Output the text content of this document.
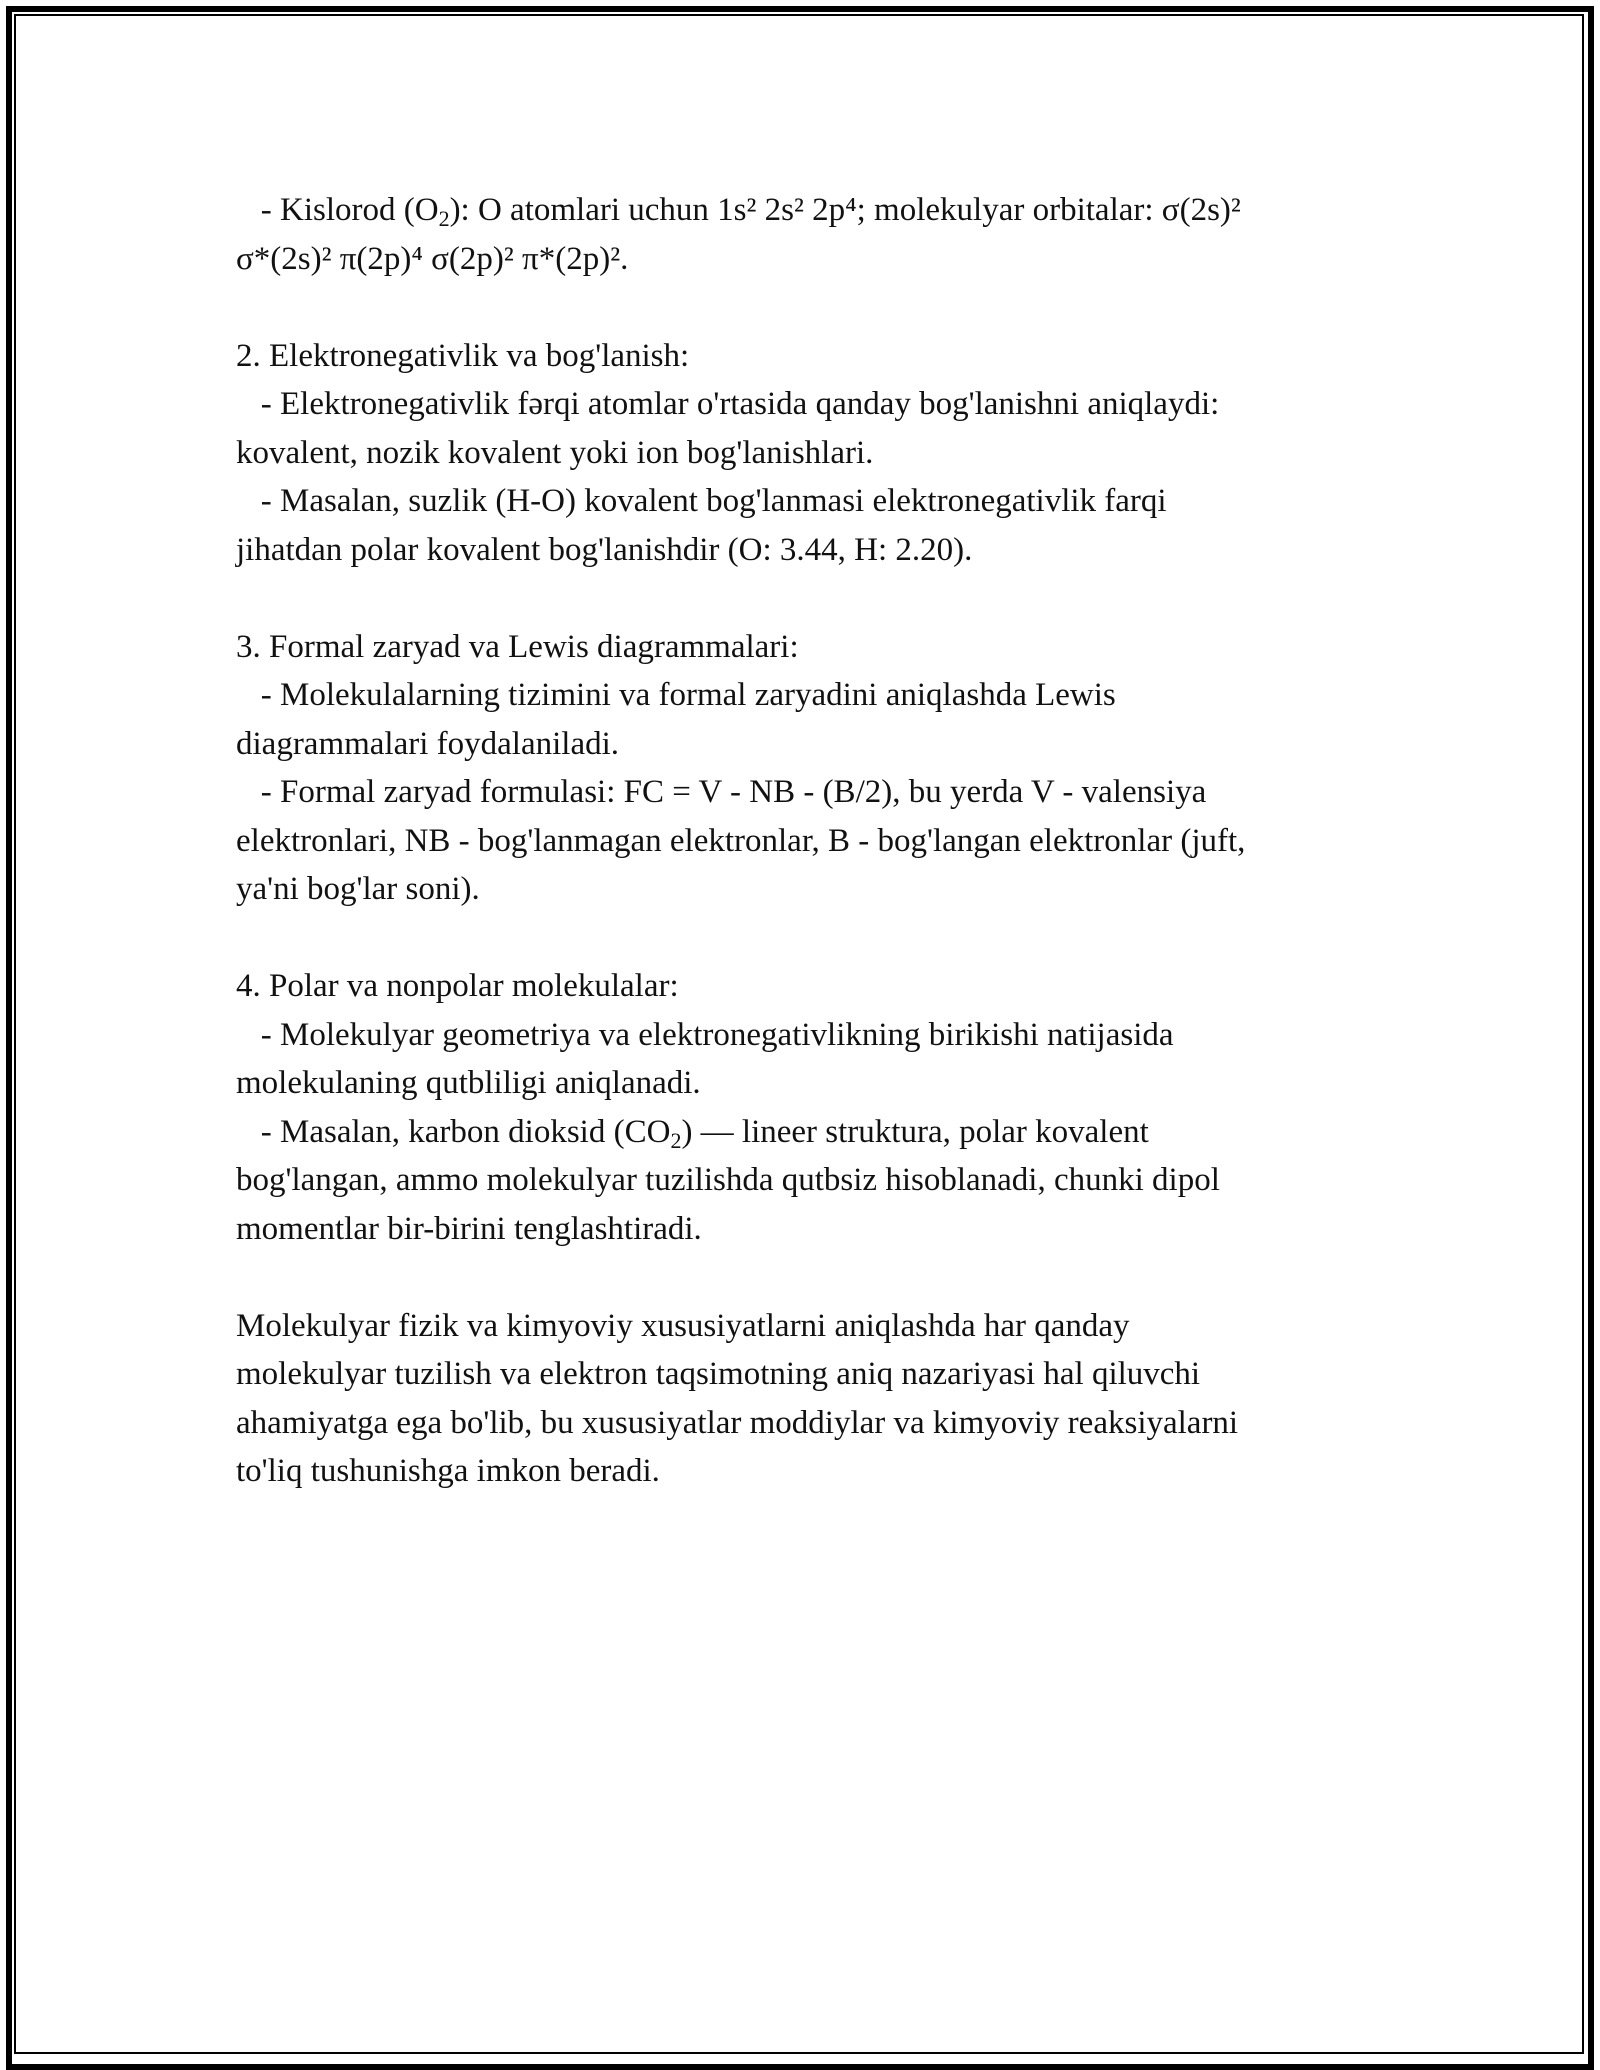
- Kislorod $(O_2)$: O atomlari uchun 1s² 2s² 2p⁴; molekulyar orbitalar: σ(2s)²
σ*(2s)² π(2p)⁴ σ(2p)² π*(2p)².
2. Elektronegativlik va bog'lanish:
- Elektronegativlik fərqi atomlar o'rtasida qanday bog'lanishni aniqlaydi:
kovalent, nozik kovalent yoki ion bog'lanishlari.
- Masalan, suzlik (H-O) kovalent bog'lanmasi elektronegativlik farqi
jihatdan polar kovalent bog'lanishdir (O: 3.44, H: 2.20).
3. Formal zaryad va Lewis diagrammalari:
- Molekulalarning tizimini va formal zaryadini aniqlashda Lewis
diagrammalari foydalaniladi.
- Formal zaryad formulasi: FC = V - NB - (B/2), bu yerda V - valensiya
elektronlari, NB - bog'lanmagan elektronlar, B - bog'langan elektronlar (juft,
ya'ni bog'lar soni).
4. Polar va nonpolar molekulalar:
- Molekulyar geometriya va elektronegativlikning birikishi natijasida
molekulaning qutbliligi aniqlanadi.
- Masalan, karbon dioksid $(CO_2)$ — lineer struktura, polar kovalent
bog'langan, ammo molekulyar tuzilishda qutbsiz hisoblanadi, chunki dipol
momentlar bir-birini tenglashtiradi.
Molekulyar fizik va kimyoviy xususiyatlarni aniqlashda har qanday
molekulyar tuzilish va elektron taqsimotning aniq nazariyasi hal qiluvchi
ahamiyatga ega bo'lib, bu xususiyatlar moddiylar va kimyoviy reaksiyalarni
to'liq tushunishga imkon beradi.
